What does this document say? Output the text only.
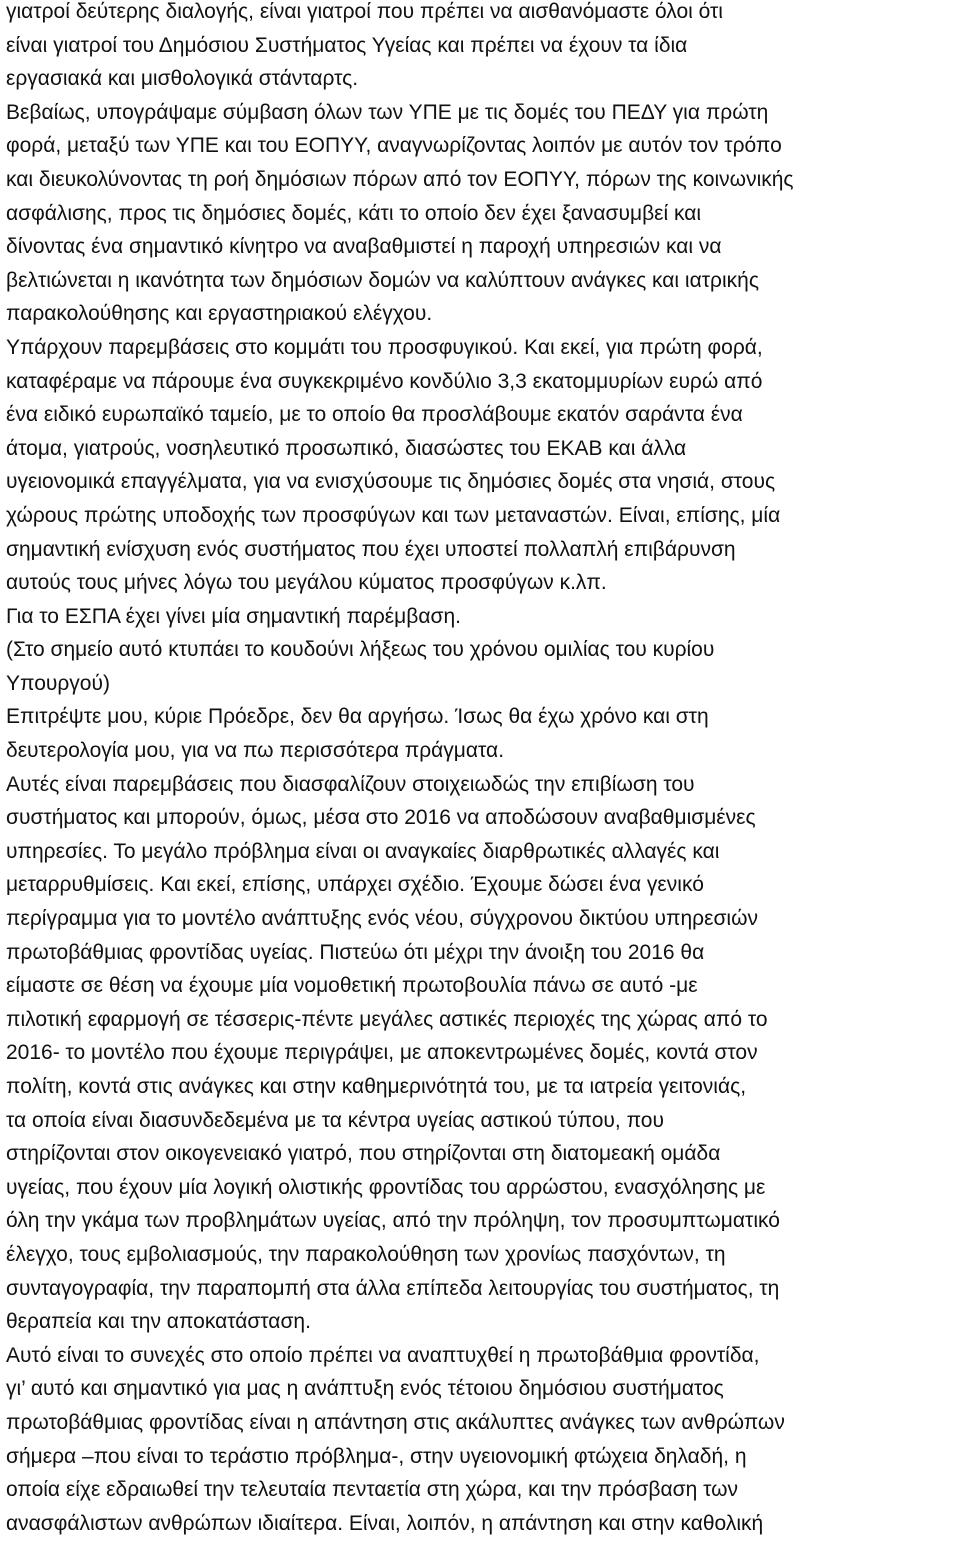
γιατροί δεύτερης διαλογής, είναι γιατροί που πρέπει να αισθανόμαστε όλοι ότι
είναι γιατροί του Δημόσιου Συστήματος Υγείας και πρέπει να έχουν τα ίδια
εργασιακά και μισθολογικά στάνταρτς.
Βεβαίως, υπογράψαμε σύμβαση όλων των ΥΠΕ με τις δομές του ΠΕΔΥ για πρώτη
φορά, μεταξύ των ΥΠΕ και του ΕΟΠΥΥ, αναγνωρίζοντας λοιπόν με αυτόν τον τρόπο
και διευκολύνοντας τη ροή δημόσιων πόρων από τον ΕΟΠΥΥ, πόρων της κοινωνικής
ασφάλισης, προς τις δημόσιες δομές, κάτι το οποίο δεν έχει ξανασυμβεί και
δίνοντας ένα σημαντικό κίνητρο να αναβαθμιστεί η παροχή υπηρεσιών και να
βελτιώνεται η ικανότητα των δημόσιων δομών να καλύπτουν ανάγκες και ιατρικής
παρακολούθησης και εργαστηριακού ελέγχου.
Υπάρχουν παρεμβάσεις στο κομμάτι του προσφυγικού. Και εκεί, για πρώτη φορά,
καταφέραμε να πάρουμε ένα συγκεκριμένο κονδύλιο 3,3 εκατομμυρίων ευρώ από
ένα ειδικό ευρωπαϊκό ταμείο, με το οποίο θα προσλάβουμε εκατόν σαράντα ένα
άτομα, γιατρούς, νοσηλευτικό προσωπικό, διασώστες του ΕΚΑΒ και άλλα
υγειονομικά επαγγέλματα, για να ενισχύσουμε τις δημόσιες δομές στα νησιά, στους
χώρους πρώτης υποδοχής των προσφύγων και των μεταναστών. Είναι, επίσης, μία
σημαντική ενίσχυση ενός συστήματος που έχει υποστεί πολλαπλή επιβάρυνση
αυτούς τους μήνες λόγω του μεγάλου κύματος προσφύγων κ.λπ.
Για το ΕΣΠΑ έχει γίνει μία σημαντική παρέμβαση.
(Στο σημείο αυτό κτυπάει το κουδούνι λήξεως του χρόνου ομιλίας του κυρίου
Υπουργού)
Επιτρέψτε μου, κύριε Πρόεδρε, δεν θα αργήσω. Ίσως θα έχω χρόνο και στη
δευτερολογία μου, για να πω περισσότερα πράγματα.
Αυτές είναι παρεμβάσεις που διασφαλίζουν στοιχειωδώς την επιβίωση του
συστήματος και μπορούν, όμως, μέσα στο 2016 να αποδώσουν αναβαθμισμένες
υπηρεσίες. Το μεγάλο πρόβλημα είναι οι αναγκαίες διαρθρωτικές αλλαγές και
μεταρρυθμίσεις. Και εκεί, επίσης, υπάρχει σχέδιο. Έχουμε δώσει ένα γενικό
περίγραμμα για το μοντέλο ανάπτυξης ενός νέου, σύγχρονου δικτύου υπηρεσιών
πρωτοβάθμιας φροντίδας υγείας. Πιστεύω ότι μέχρι την άνοιξη του 2016 θα
είμαστε σε θέση να έχουμε μία νομοθετική πρωτοβουλία πάνω σε αυτό -με
πιλοτική εφαρμογή σε τέσσερις-πέντε μεγάλες αστικές περιοχές της χώρας από το
2016- το μοντέλο που έχουμε περιγράψει, με αποκεντρωμένες δομές, κοντά στον
πολίτη, κοντά στις ανάγκες και στην καθημερινότητά του, με τα ιατρεία γειτονιάς,
τα οποία είναι διασυνδεδεμένα με τα κέντρα υγείας αστικού τύπου, που
στηρίζονται στον οικογενειακό γιατρό, που στηρίζονται στη διατομεακή ομάδα
υγείας, που έχουν μία λογική ολιστικής φροντίδας του αρρώστου, ενασχόλησης με
όλη την γκάμα των προβλημάτων υγείας, από την πρόληψη, τον προσυμπτωματικό
έλεγχο, τους εμβολιασμούς, την παρακολούθηση των χρονίως πασχόντων, τη
συνταγογραφία, την παραπομπή στα άλλα επίπεδα λειτουργίας του συστήματος, τη
θεραπεία και την αποκατάσταση.
Αυτό είναι το συνεχές στο οποίο πρέπει να αναπτυχθεί η πρωτοβάθμια φροντίδα,
γι’ αυτό και σημαντικό για μας η ανάπτυξη ενός τέτοιου δημόσιου συστήματος
πρωτοβάθμιας φροντίδας είναι η απάντηση στις ακάλυπτες ανάγκες των ανθρώπων
σήμερα –που είναι το τεράστιο πρόβλημα-, στην υγειονομική φτώχεια δηλαδή, η
οποία είχε εδραιωθεί την τελευταία πενταετία στη χώρα, και την πρόσβαση των
ανασφάλιστων ανθρώπων ιδιαίτερα. Είναι, λοιπόν, η απάντηση και στην καθολική
